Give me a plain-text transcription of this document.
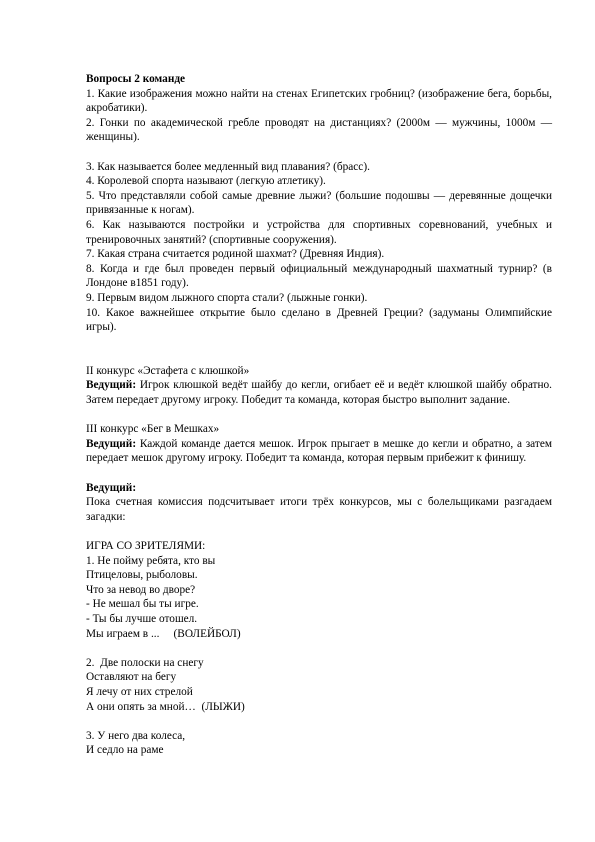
Вопросы 2 команде
1. Какие изображения можно найти на стенах Египетских гробниц? (изображение бега, борьбы, акробатики).
2. Гонки по академической гребле проводят на дистанциях? (2000м — мужчины, 1000м — женщины).
3. Как называется более медленный вид плавания? (брасс).
4. Королевой спорта называют (легкую атлетику).
5. Что представляли собой самые древние лыжи? (большие подошвы — деревянные дощечки привязанные к ногам).
6. Как называются постройки и устройства для спортивных соревнований, учебных и тренировочных занятий? (спортивные сооружения).
7. Какая страна считается родиной шахмат? (Древняя Индия).
8. Когда и где был проведен первый официальный международный шахматный турнир? (в Лондоне в1851 году).
9. Первым видом лыжного спорта стали? (лыжные гонки).
10. Какое важнейшее открытие было сделано в Древней Греции? (задуманы Олимпийские игры).
II конкурс «Эстафета с клюшкой»
Ведущий: Игрок клюшкой ведёт шайбу до кегли, огибает её и ведёт клюшкой шайбу обратно. Затем передает другому игроку. Победит та команда, которая быстро выполнит задание.
III конкурс «Бег в Мешках»
Ведущий: Каждой команде дается мешок. Игрок прыгает в мешке до кегли и обратно, а затем передает мешок другому игроку. Победит та команда, которая первым прибежит к финишу.
Ведущий:
Пока счетная комиссия подсчитывает итоги трёх конкурсов, мы с болельщиками разгадаем загадки:
ИГРА СО ЗРИТЕЛЯМИ:
1. Не пойму ребята, кто вы
Птицеловы, рыболовы.
Что за невод во дворе?
- Не мешал бы ты игре.
- Ты бы лучше отошел.
Мы играем в ...     (ВОЛЕЙБОЛ)
2.  Две полоски на снегу
Оставляют на бегу
Я лечу от них стрелой
А они опять за мной…  (ЛЫЖИ)
3. У него два колеса,
И седло на раме
